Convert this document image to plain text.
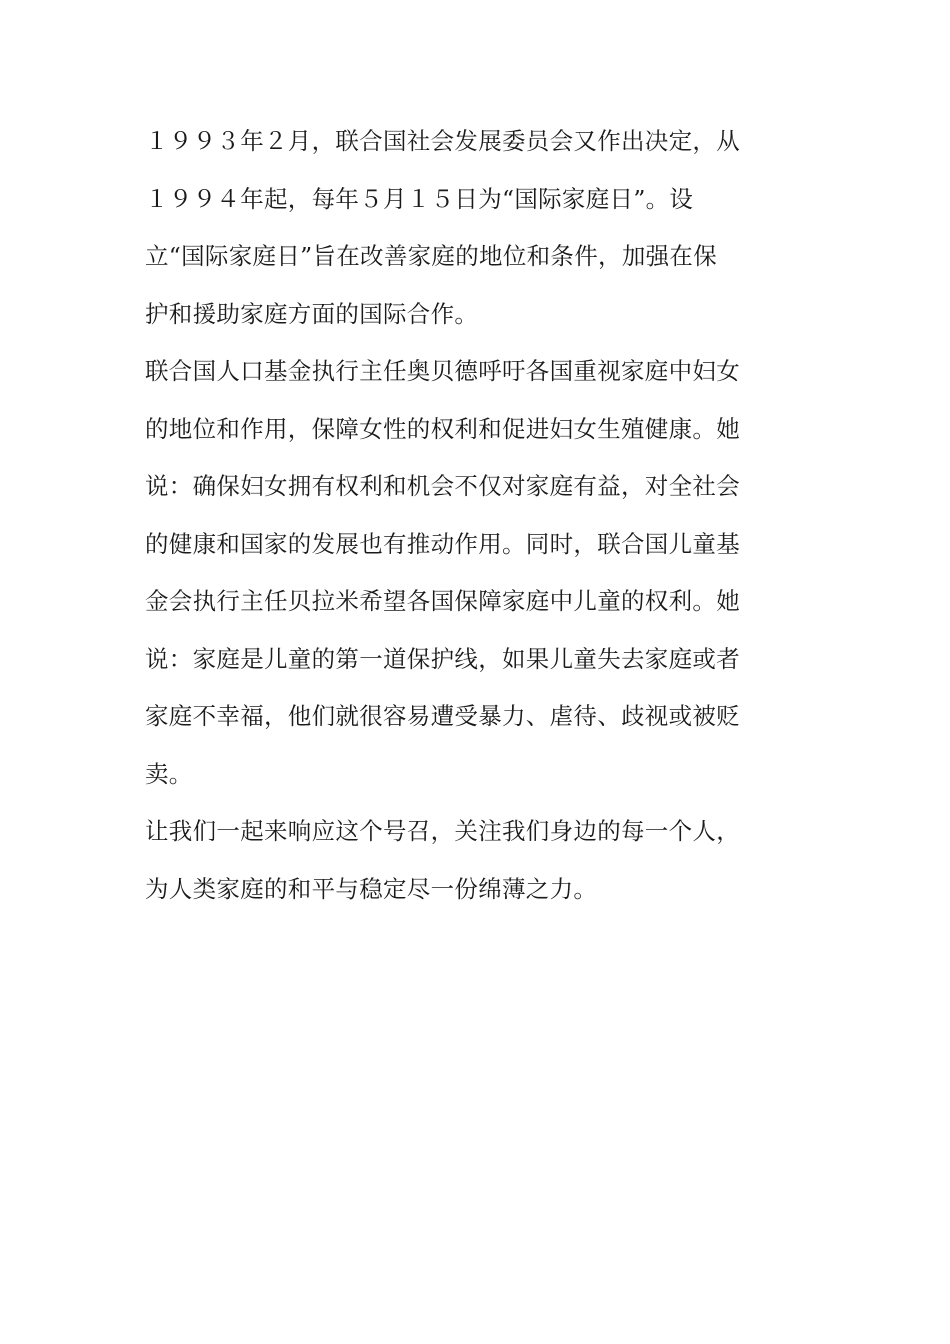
１９９３年２月，联合国社会发展委员会又作出决定，从
１９９４年起，每年５月１５日为“国际家庭日”。设
立“国际家庭日”旨在改善家庭的地位和条件，加强在保
护和援助家庭方面的国际合作。

联合国人口基金执行主任奥贝德呼吁各国重视家庭中妇女
的地位和作用，保障女性的权利和促进妇女生殖健康。她
说：确保妇女拥有权利和机会不仅对家庭有益，对全社会
的健康和国家的发展也有推动作用。同时，联合国儿童基
金会执行主任贝拉米希望各国保障家庭中儿童的权利。她
说：家庭是儿童的第一道保护线，如果儿童失去家庭或者
家庭不幸福，他们就很容易遭受暴力、虐待、歧视或被贬
卖。

让我们一起来响应这个号召，关注我们身边的每一个人，
为人类家庭的和平与稳定尽一份绵薄之力。
